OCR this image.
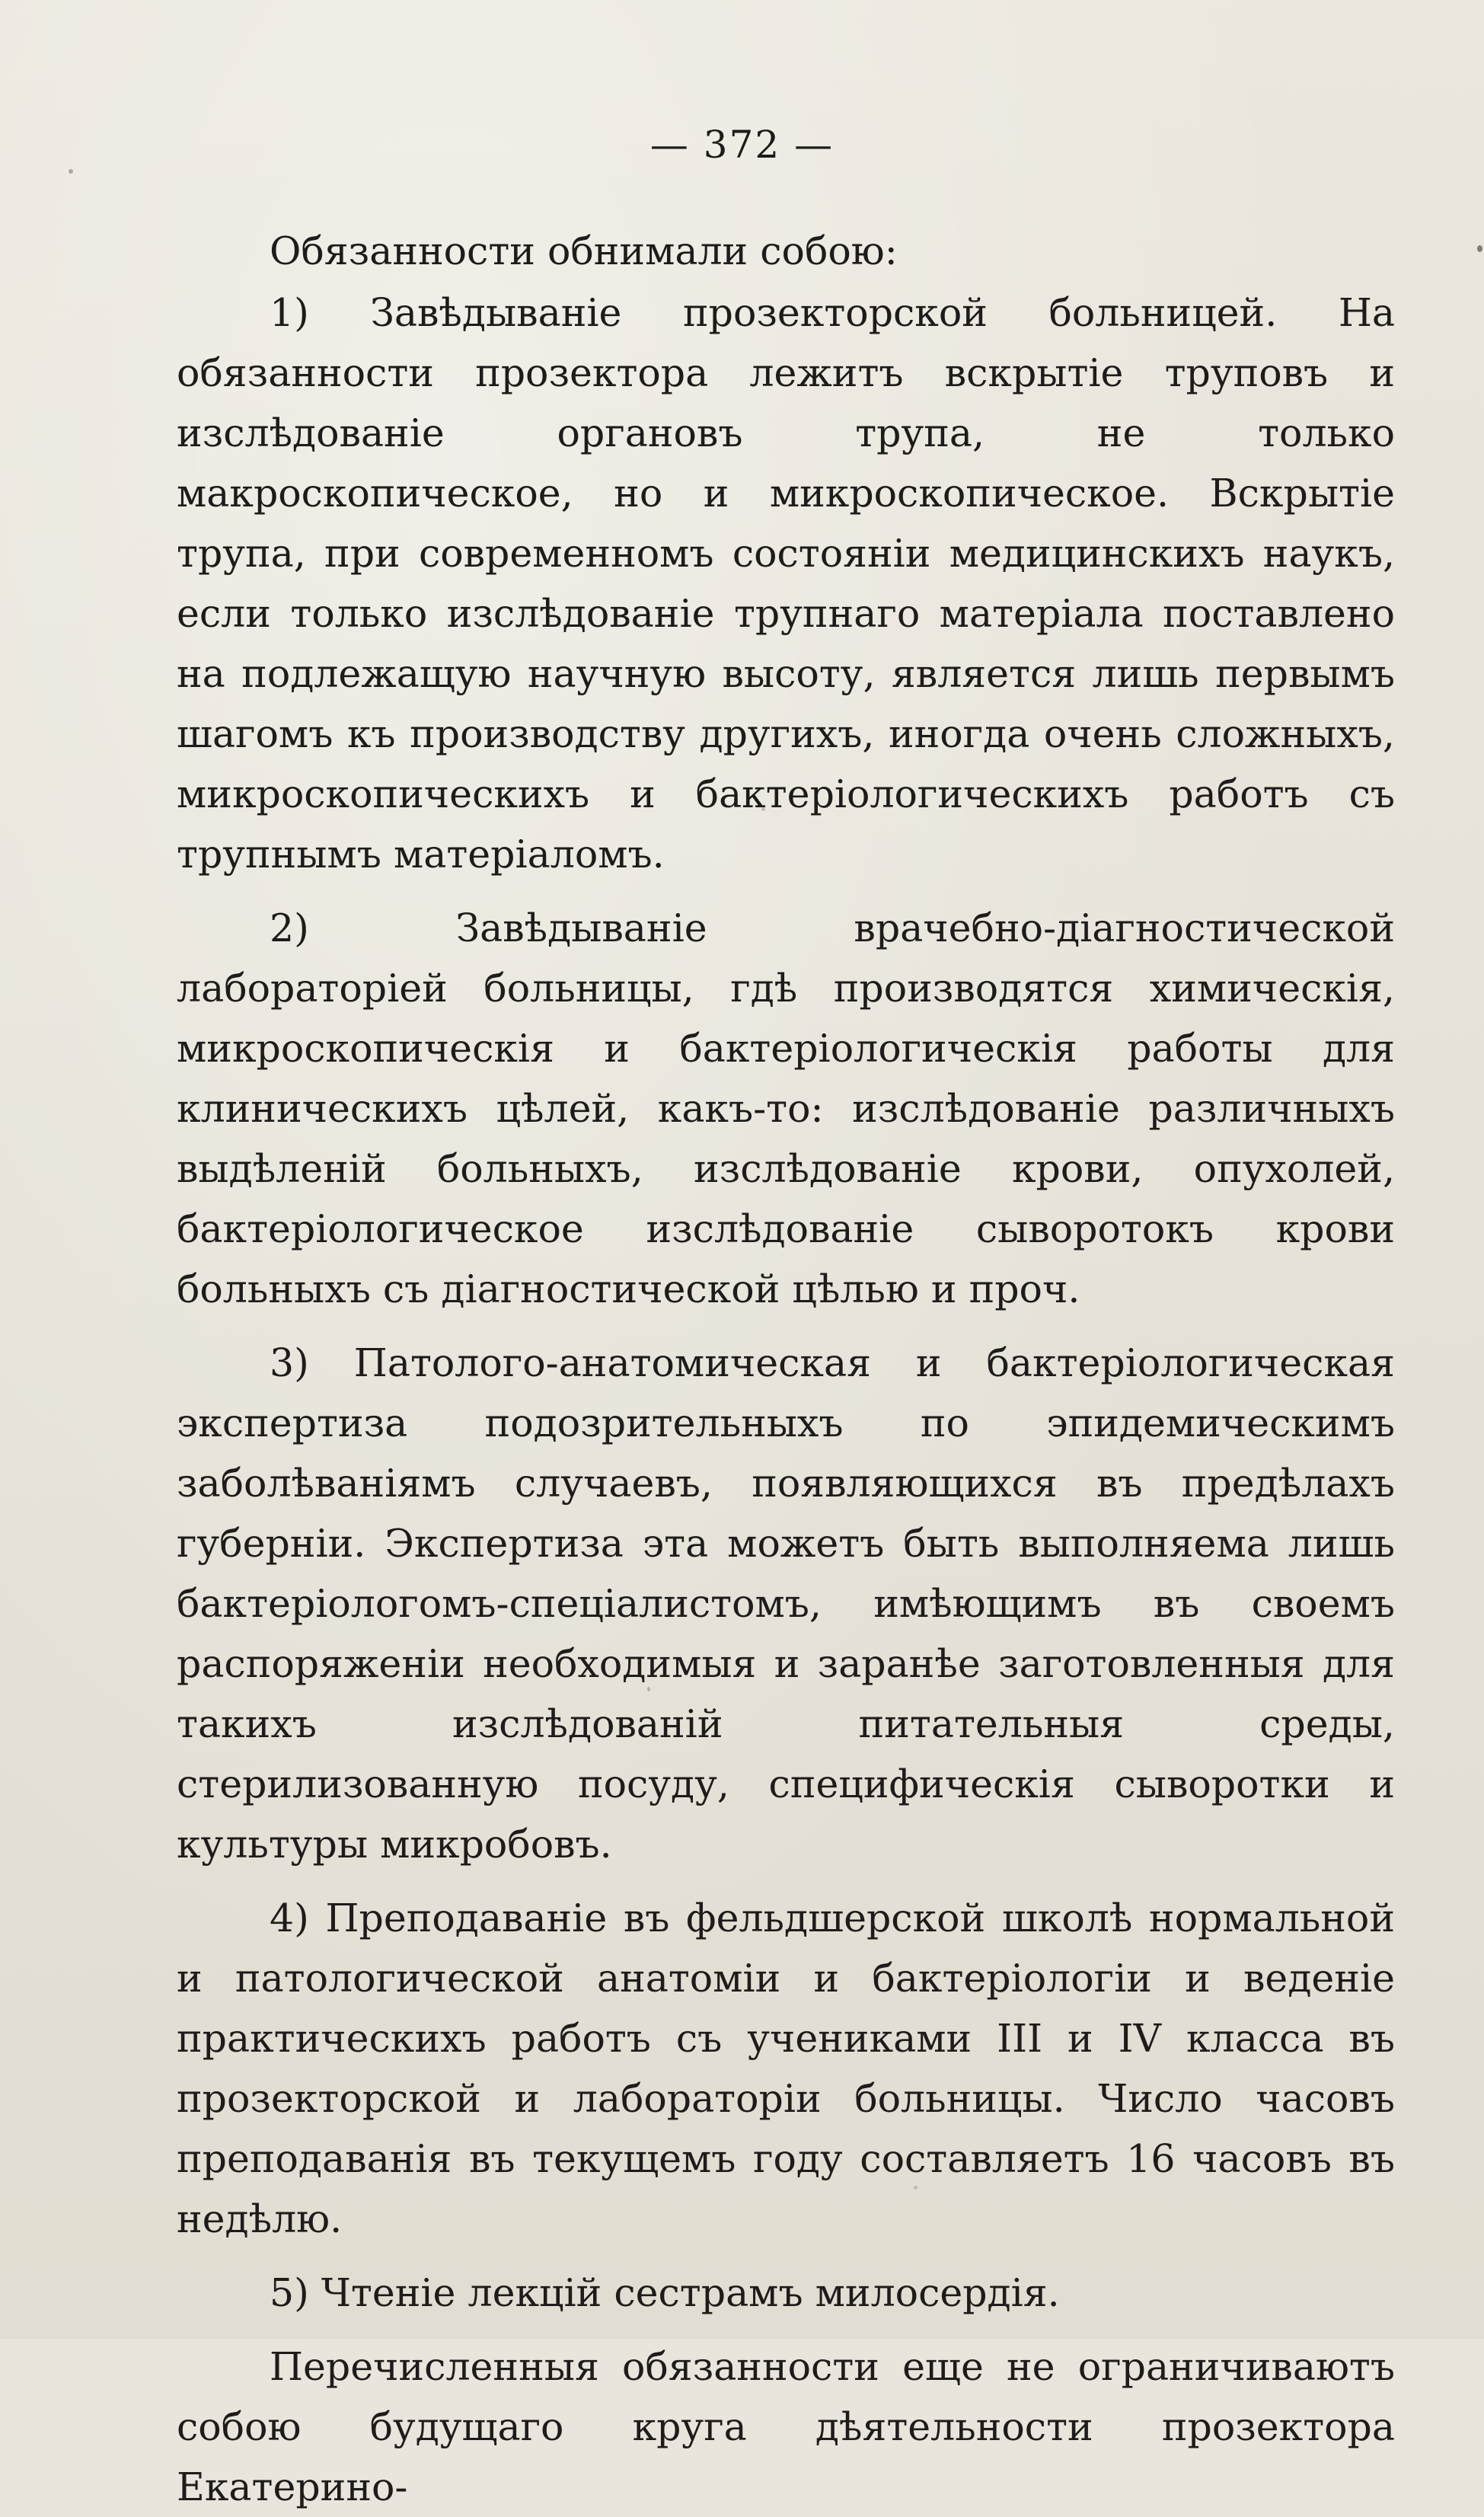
— 372 —

Обязанности обнимали собою:

1) Завѣдываніе прозекторской больницей. На обязанности прозектора лежитъ вскрытіе труповъ и изслѣдованіе органовъ трупа, не только макроскопическое, но и микроскопическое. Вскрытіе трупа, при современномъ состояніи медицинскихъ наукъ, если только изслѣдованіе трупнаго матеріала поставлено на подлежащую научную высоту, является лишь первымъ шагомъ къ производству другихъ, иногда очень сложныхъ, микроскопическихъ и бактеріологическихъ работъ съ трупнымъ матеріаломъ.

2) Завѣдываніе врачебно-діагностической лабораторіей больницы, гдѣ производятся химическія, микроскопическія и бактеріологическія работы для клиническихъ цѣлей, какъ-то: изслѣдованіе различныхъ выдѣленій больныхъ, изслѣдованіе крови, опухолей, бактеріологическое изслѣдованіе сыворотокъ крови больныхъ съ діагностической цѣлью и проч.

3) Патолого-анатомическая и бактеріологическая экспертиза подозрительныхъ по эпидемическимъ заболѣваніямъ случаевъ, появляющихся въ предѣлахъ губерніи. Экспертиза эта можетъ быть выполняема лишь бактеріологомъ-спеціалистомъ, имѣющимъ въ своемъ распоряженіи необходимыя и заранѣе заготовленныя для такихъ изслѣдованій питательныя среды, стерилизованную посуду, специфическія сыворотки и культуры микробовъ.

4) Преподаваніе въ фельдшерской школѣ нормальной и патологической анатоміи и бактеріологіи и веденіе практическихъ работъ съ учениками III и IV класса въ прозекторской и лабораторіи больницы. Число часовъ преподаванія въ текущемъ году составляетъ 16 часовъ въ недѣлю.

5) Чтеніе лекцій сестрамъ милосердія.

Перечисленныя обязанности еще не ограничиваютъ собою будущаго круга дѣятельности прозектора Екатерино-
